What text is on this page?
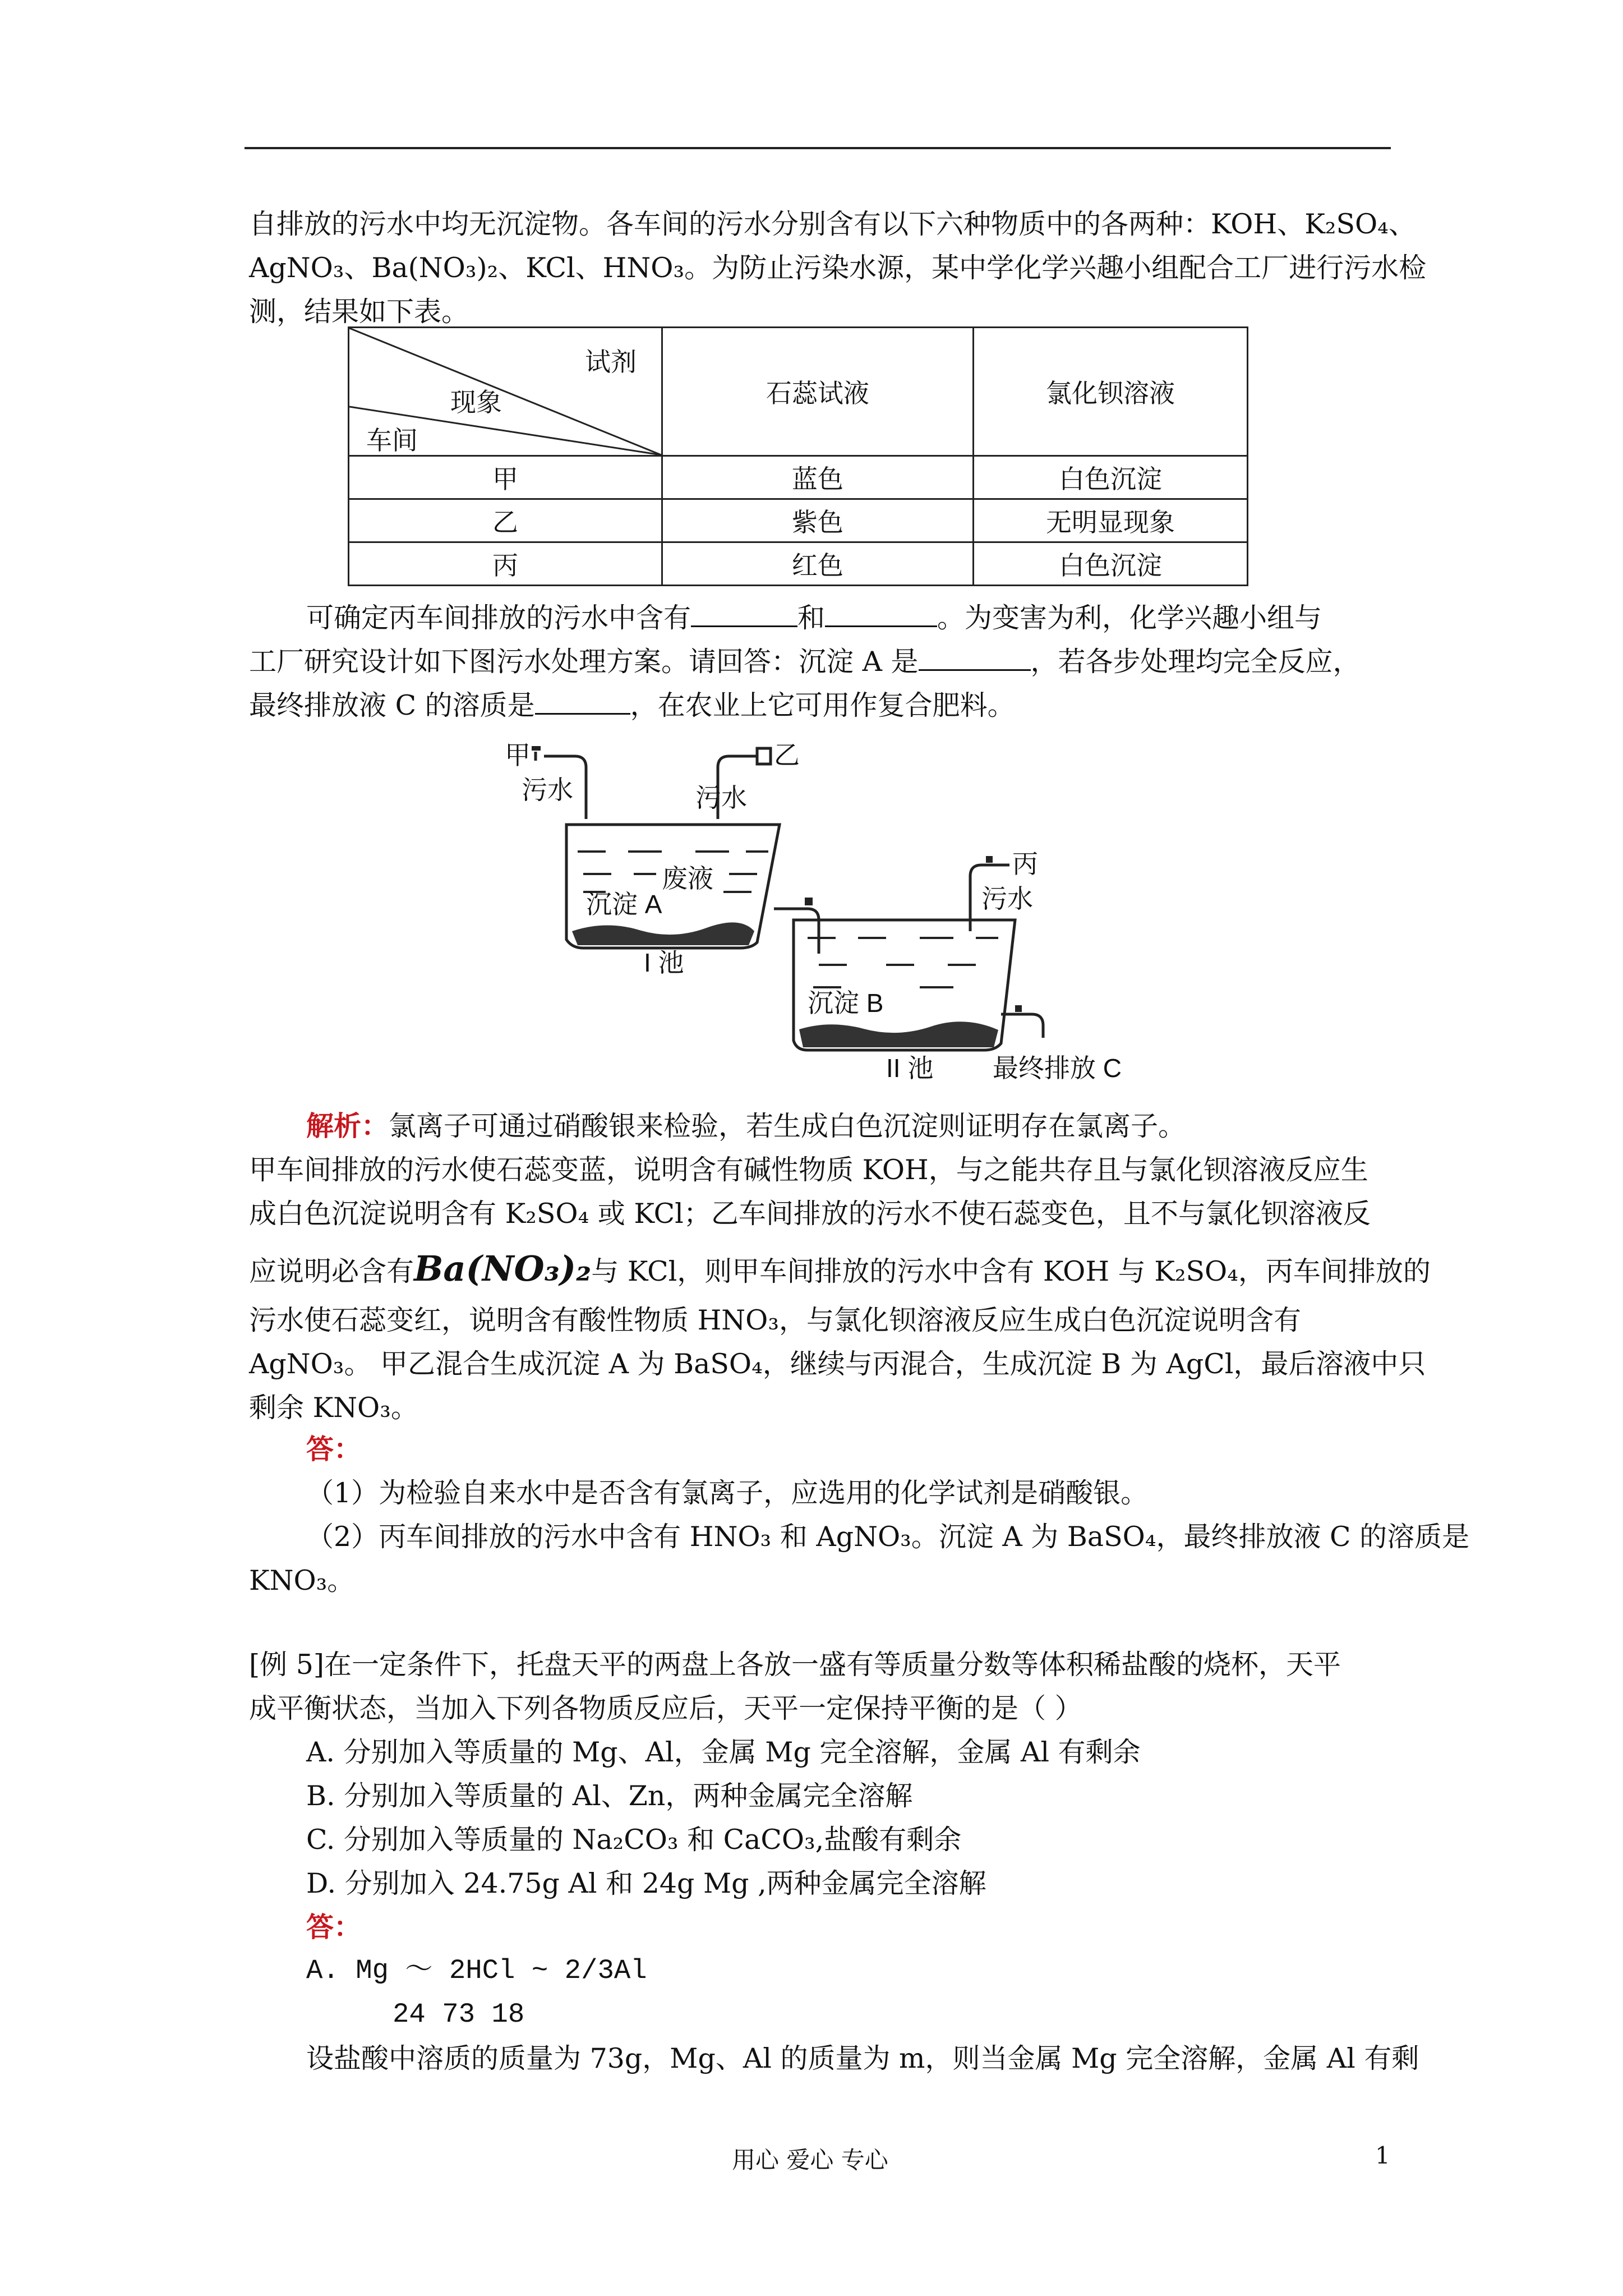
自排放的污水中均无沉淀物。各车间的污水分别含有以下六种物质中的各两种：KOH、K₂SO₄、
AgNO₃、Ba(NO₃)₂、KCl、HNO₃。为防止污染水源，某中学化学兴趣小组配合工厂进行污水检
测，结果如下表。
试剂
现象
车间	石蕊试液	氯化钡溶液
甲	蓝色	白色沉淀
乙	紫色	无明显现象
丙	红色	白色沉淀
可确定丙车间排放的污水中含有	和	。为变害为利，化学兴趣小组与
工厂研究设计如下图污水处理方案。请回答：沉淀 A 是	，若各步处理均完全反应，
最终排放液 C 的溶质是	，在农业上它可用作复合肥料。
甲
污水
乙
污水
废液
沉淀 A
I 池
丙
污水
沉淀 B
II 池 最终排放 C
解析：氯离子可通过硝酸银来检验，若生成白色沉淀则证明存在氯离子。
甲车间排放的污水使石蕊变蓝，说明含有碱性物质 KOH，与之能共存且与氯化钡溶液反应生
成白色沉淀说明含有 K₂SO₄ 或 KCl；乙车间排放的污水不使石蕊变色，且不与氯化钡溶液反
应说明必含有Ba(NO₃)₂与 KCl，则甲车间排放的污水中含有 KOH 与 K₂SO₄，丙车间排放的
污水使石蕊变红，说明含有酸性物质 HNO₃，与氯化钡溶液反应生成白色沉淀说明含有
AgNO₃。 甲乙混合生成沉淀 A 为 BaSO₄，继续与丙混合，生成沉淀 B 为 AgCl，最后溶液中只
剩余 KNO₃。
答：
（1）为检验自来水中是否含有氯离子，应选用的化学试剂是硝酸银。
（2）丙车间排放的污水中含有 HNO₃ 和 AgNO₃。沉淀 A 为 BaSO₄，最终排放液 C 的溶质是
KNO₃。
[例 5]在一定条件下，托盘天平的两盘上各放一盛有等质量分数等体积稀盐酸的烧杯，天平
成平衡状态，当加入下列各物质反应后，天平一定保持平衡的是（ ）
A. 分别加入等质量的 Mg、Al，金属 Mg 完全溶解，金属 Al 有剩余
B. 分别加入等质量的 Al、Zn，两种金属完全溶解
C. 分别加入等质量的 Na₂CO₃ 和 CaCO₃,盐酸有剩余
D. 分别加入 24.75g Al 和 24g Mg ,两种金属完全溶解
答：
A. Mg ～ 2HCl ~ 2/3Al
24 73 18
设盐酸中溶质的质量为 73g，Mg、Al 的质量为 m，则当金属 Mg 完全溶解，金属 Al 有剩
用心 爱心 专心	1
